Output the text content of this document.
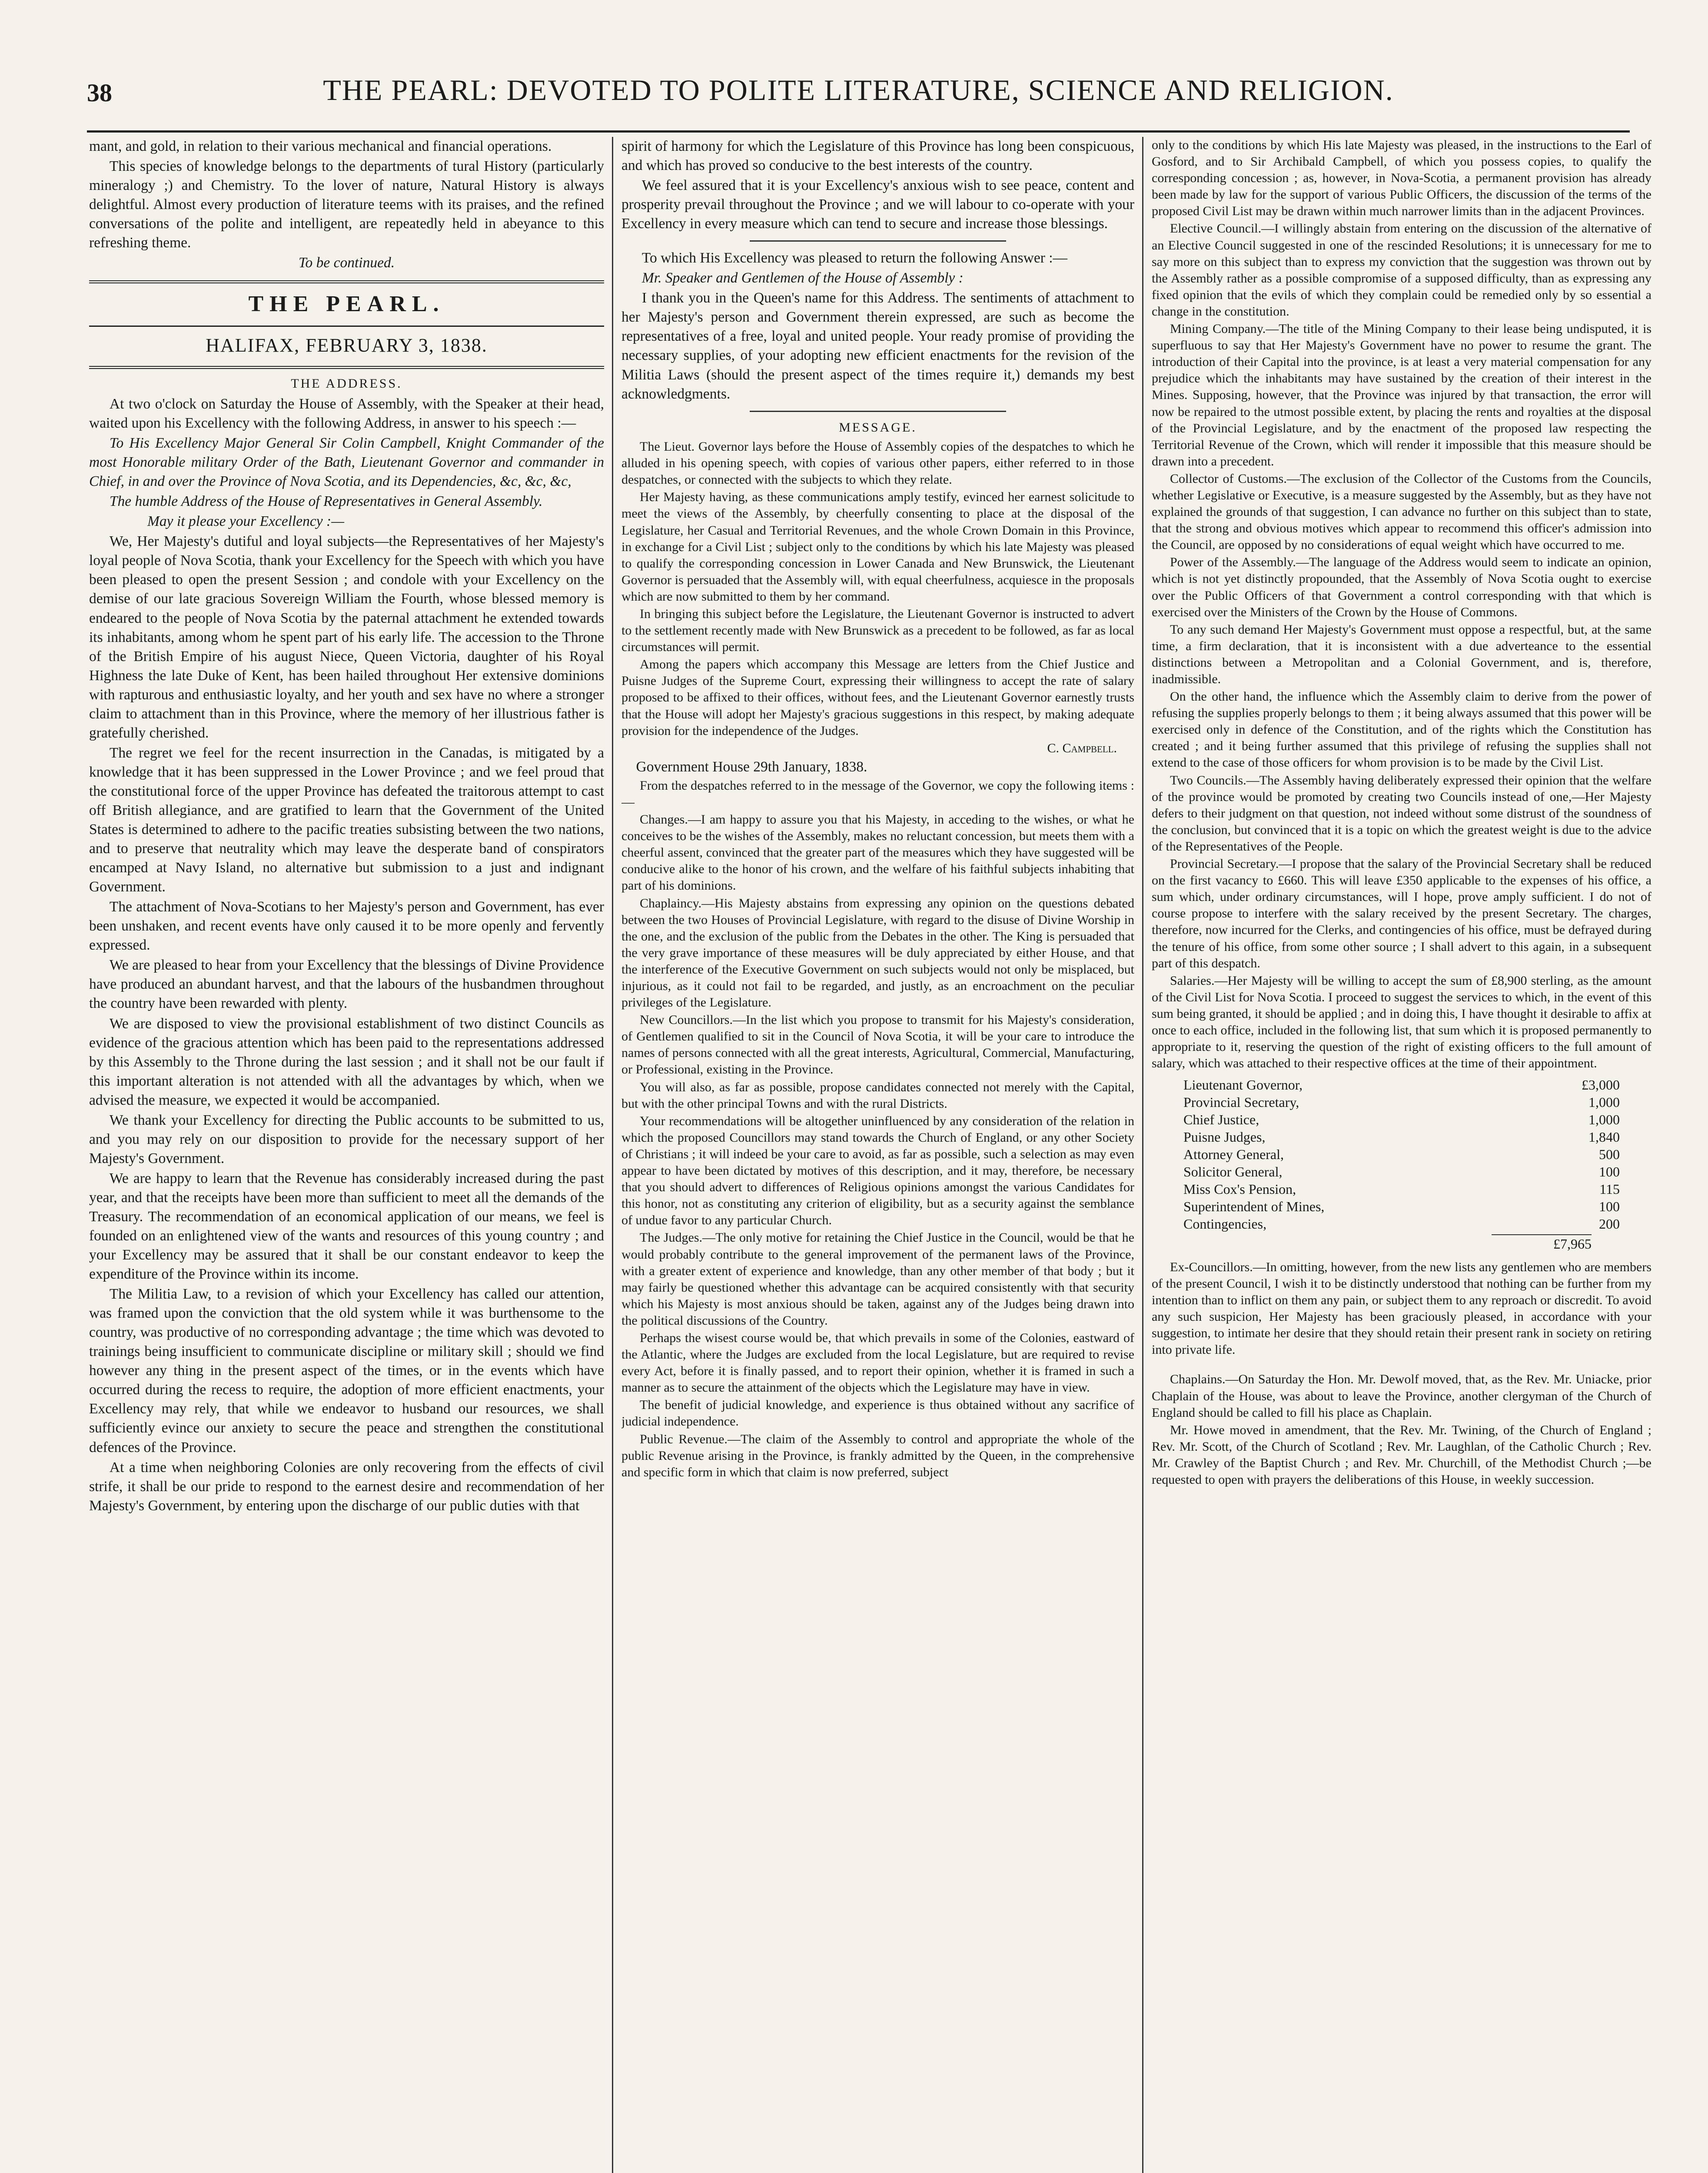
38	THE PEARL: DEVOTED TO POLITE LITERATURE, SCIENCE AND RELIGION.

mant, and gold, in relation to their various mechanical and financial operations.

This species of knowledge belongs to the departments of tural History (particularly mineralogy ;) and Chemistry. To the lover of nature, Natural History is always delightful. Almost every production of literature teems with its praises, and the refined conversations of the polite and intelligent, are repeatedly held in abeyance to this refreshing theme.

To be continued.

THE PEARL.
HALIFAX, FEBRUARY 3, 1838.
THE ADDRESS.

At two o'clock on Saturday the House of Assembly, with the Speaker at their head, waited upon his Excellency with the following Address, in answer to his speech :—

To His Excellency Major General Sir Colin Campbell, Knight Commander of the most Honorable military Order of the Bath, Lieutenant Governor and commander in Chief, in and over the Province of Nova Scotia, and its Dependencies, &c, &c, &c,

The humble Address of the House of Representatives in General Assembly.

May it please your Excellency :—

We, Her Majesty's dutiful and loyal subjects—the Representatives of her Majesty's loyal people of Nova Scotia, thank your Excellency for the Speech with which you have been pleased to open the present Session ; and condole with your Excellency on the demise of our late gracious Sovereign William the Fourth, whose blessed memory is endeared to the people of Nova Scotia by the paternal attachment he extended towards its inhabitants, among whom he spent part of his early life. The accession to the Throne of the British Empire of his august Niece, Queen Victoria, daughter of his Royal Highness the late Duke of Kent, has been hailed throughout Her extensive dominions with rapturous and enthusiastic loyalty, and her youth and sex have no where a stronger claim to attachment than in this Province, where the memory of her illustrious father is gratefully cherished.

The regret we feel for the recent insurrection in the Canadas, is mitigated by a knowledge that it has been suppressed in the Lower Province ; and we feel proud that the constitutional force of the upper Province has defeated the traitorous attempt to cast off British allegiance, and are gratified to learn that the Government of the United States is determined to adhere to the pacific treaties subsisting between the two nations, and to preserve that neutrality which may leave the desperate band of conspirators encamped at Navy Island, no alternative but submission to a just and indignant Government.

The attachment of Nova-Scotians to her Majesty's person and Government, has ever been unshaken, and recent events have only caused it to be more openly and fervently expressed.

We are pleased to hear from your Excellency that the blessings of Divine Providence have produced an abundant harvest, and that the labours of the husbandmen throughout the country have been rewarded with plenty.

We are disposed to view the provisional establishment of two distinct Councils as evidence of the gracious attention which has been paid to the representations addressed by this Assembly to the Throne during the last session ; and it shall not be our fault if this important alteration is not attended with all the advantages by which, when we advised the measure, we expected it would be accompanied.

We thank your Excellency for directing the Public accounts to be submitted to us, and you may rely on our disposition to provide for the necessary support of her Majesty's Government.

We are happy to learn that the Revenue has considerably increased during the past year, and that the receipts have been more than sufficient to meet all the demands of the Treasury. The recommendation of an economical application of our means, we feel is founded on an enlightened view of the wants and resources of this young country ; and your Excellency may be assured that it shall be our constant endeavor to keep the expenditure of the Province within its income.

The Militia Law, to a revision of which your Excellency has called our attention, was framed upon the conviction that the old system while it was burthensome to the country, was productive of no corresponding advantage ; the time which was devoted to trainings being insufficient to communicate discipline or military skill ; should we find however any thing in the present aspect of the times, or in the events which have occurred during the recess to require, the adoption of more efficient enactments, your Excellency may rely, that while we endeavor to husband our resources, we shall sufficiently evince our anxiety to secure the peace and strengthen the constitutional defences of the Province.

At a time when neighboring Colonies are only recovering from the effects of civil strife, it shall be our pride to respond to the earnest desire and recommendation of her Majesty's Government, by entering upon the discharge of our public duties with that

spirit of harmony for which the Legislature of this Province has long been conspicuous, and which has proved so conducive to the best interests of the country.

We feel assured that it is your Excellency's anxious wish to see peace, content and prosperity prevail throughout the Province ; and we will labour to co-operate with your Excellency in every measure which can tend to secure and increase those blessings.

To which His Excellency was pleased to return the following Answer :—

Mr. Speaker and Gentlemen of the House of Assembly :

I thank you in the Queen's name for this Address. The sentiments of attachment to her Majesty's person and Government therein expressed, are such as become the representatives of a free, loyal and united people. Your ready promise of providing the necessary supplies, of your adopting new efficient enactments for the revision of the Militia Laws (should the present aspect of the times require it,) demands my best acknowledgments.

MESSAGE.

The Lieut. Governor lays before the House of Assembly copies of the despatches to which he alluded in his opening speech, with copies of various other papers, either referred to in those despatches, or connected with the subjects to which they relate.

Her Majesty having, as these communications amply testify, evinced her earnest solicitude to meet the views of the Assembly, by cheerfully consenting to place at the disposal of the Legislature, her Casual and Territorial Revenues, and the whole Crown Domain in this Province, in exchange for a Civil List ; subject only to the conditions by which his late Majesty was pleased to qualify the corresponding concession in Lower Canada and New Brunswick, the Lieutenant Governor is persuaded that the Assembly will, with equal cheerfulness, acquiesce in the proposals which are now submitted to them by her command.

In bringing this subject before the Legislature, the Lieutenant Governor is instructed to advert to the settlement recently made with New Brunswick as a precedent to be followed, as far as local circumstances will permit.

Among the papers which accompany this Message are letters from the Chief Justice and Puisne Judges of the Supreme Court, expressing their willingness to accept the rate of salary proposed to be affixed to their offices, without fees, and the Lieutenant Governor earnestly trusts that the House will adopt her Majesty's gracious suggestions in this respect, by making adequate provision for the independence of the Judges.

C. Campbell.

Government House 29th January, 1838.

From the despatches referred to in the message of the Governor, we copy the following items :—

Changes.—I am happy to assure you that his Majesty, in acceding to the wishes, or what he conceives to be the wishes of the Assembly, makes no reluctant concession, but meets them with a cheerful assent, convinced that the greater part of the measures which they have suggested will be conducive alike to the honor of his crown, and the welfare of his faithful subjects inhabiting that part of his dominions.

Chaplaincy.—His Majesty abstains from expressing any opinion on the questions debated between the two Houses of Provincial Legislature, with regard to the disuse of Divine Worship in the one, and the exclusion of the public from the Debates in the other. The King is persuaded that the very grave importance of these measures will be duly appreciated by either House, and that the interference of the Executive Government on such subjects would not only be misplaced, but injurious, as it could not fail to be regarded, and justly, as an encroachment on the peculiar privileges of the Legislature.

New Councillors.—In the list which you propose to transmit for his Majesty's consideration, of Gentlemen qualified to sit in the Council of Nova Scotia, it will be your care to introduce the names of persons connected with all the great interests, Agricultural, Commercial, Manufacturing, or Professional, existing in the Province.

You will also, as far as possible, propose candidates connected not merely with the Capital, but with the other principal Towns and with the rural Districts.

Your recommendations will be altogether uninfluenced by any consideration of the relation in which the proposed Councillors may stand towards the Church of England, or any other Society of Christians ; it will indeed be your care to avoid, as far as possible, such a selection as may even appear to have been dictated by motives of this description, and it may, therefore, be necessary that you should advert to differences of Religious opinions amongst the various Candidates for this honor, not as constituting any criterion of eligibility, but as a security against the semblance of undue favor to any particular Church.

The Judges.—The only motive for retaining the Chief Justice in the Council, would be that he would probably contribute to the general improvement of the permanent laws of the Province, with a greater extent of experience and knowledge, than any other member of that body ; but it may fairly be questioned whether this advantage can be acquired consistently with that security which his Majesty is most anxious should be taken, against any of the Judges being drawn into the political discussions of the Country.

Perhaps the wisest course would be, that which prevails in some of the Colonies, eastward of the Atlantic, where the Judges are excluded from the local Legislature, but are required to revise every Act, before it is finally passed, and to report their opinion, whether it is framed in such a manner as to secure the attainment of the objects which the Legislature may have in view.

The benefit of judicial knowledge, and experience is thus obtained without any sacrifice of judicial independence.

Public Revenue.—The claim of the Assembly to control and appropriate the whole of the public Revenue arising in the Province, is frankly admitted by the Queen, in the comprehensive and specific form in which that claim is now preferred, subject

only to the conditions by which His late Majesty was pleased, in the instructions to the Earl of Gosford, and to Sir Archibald Campbell, of which you possess copies, to qualify the corresponding concession ; as, however, in Nova-Scotia, a permanent provision has already been made by law for the support of various Public Officers, the discussion of the terms of the proposed Civil List may be drawn within much narrower limits than in the adjacent Provinces.

Elective Council.—I willingly abstain from entering on the discussion of the alternative of an Elective Council suggested in one of the rescinded Resolutions; it is unnecessary for me to say more on this subject than to express my conviction that the suggestion was thrown out by the Assembly rather as a possible compromise of a supposed difficulty, than as expressing any fixed opinion that the evils of which they complain could be remedied only by so essential a change in the constitution.

Mining Company.—The title of the Mining Company to their lease being undisputed, it is superfluous to say that Her Majesty's Government have no power to resume the grant. The introduction of their Capital into the province, is at least a very material compensation for any prejudice which the inhabitants may have sustained by the creation of their interest in the Mines. Supposing, however, that the Province was injured by that transaction, the error will now be repaired to the utmost possible extent, by placing the rents and royalties at the disposal of the Provincial Legislature, and by the enactment of the proposed law respecting the Territorial Revenue of the Crown, which will render it impossible that this measure should be drawn into a precedent.

Collector of Customs.—The exclusion of the Collector of the Customs from the Councils, whether Legislative or Executive, is a measure suggested by the Assembly, but as they have not explained the grounds of that suggestion, I can advance no further on this subject than to state, that the strong and obvious motives which appear to recommend this officer's admission into the Council, are opposed by no considerations of equal weight which have occurred to me.

Power of the Assembly.—The language of the Address would seem to indicate an opinion, which is not yet distinctly propounded, that the Assembly of Nova Scotia ought to exercise over the Public Officers of that Government a control corresponding with that which is exercised over the Ministers of the Crown by the House of Commons.

To any such demand Her Majesty's Government must oppose a respectful, but, at the same time, a firm declaration, that it is inconsistent with a due adverteance to the essential distinctions between a Metropolitan and a Colonial Government, and is, therefore, inadmissible.

On the other hand, the influence which the Assembly claim to derive from the power of refusing the supplies properly belongs to them ; it being always assumed that this power will be exercised only in defence of the Constitution, and of the rights which the Constitution has created ; and it being further assumed that this privilege of refusing the supplies shall not extend to the case of those officers for whom provision is to be made by the Civil List.

Two Councils.—The Assembly having deliberately expressed their opinion that the welfare of the province would be promoted by creating two Councils instead of one,—Her Majesty defers to their judgment on that question, not indeed without some distrust of the soundness of the conclusion, but convinced that it is a topic on which the greatest weight is due to the advice of the Representatives of the People.

Provincial Secretary.—I propose that the salary of the Provincial Secretary shall be reduced on the first vacancy to £660. This will leave £350 applicable to the expenses of his office, a sum which, under ordinary circumstances, will I hope, prove amply sufficient. I do not of course propose to interfere with the salary received by the present Secretary. The charges, therefore, now incurred for the Clerks, and contingencies of his office, must be defrayed during the tenure of his office, from some other source ; I shall advert to this again, in a subsequent part of this despatch.

Salaries.—Her Majesty will be willing to accept the sum of £8,900 sterling, as the amount of the Civil List for Nova Scotia. I proceed to suggest the services to which, in the event of this sum being granted, it should be applied ; and in doing this, I have thought it desirable to affix at once to each office, included in the following list, that sum which it is proposed permanently to appropriate to it, reserving the question of the right of existing officers to the full amount of salary, which was attached to their respective offices at the time of their appointment.

Lieutenant Governor,	£3,000
Provincial Secretary,	1,000
Chief Justice,	1,000
Puisne Judges,	1,840
Attorney General,	500
Solicitor General,	100
Miss Cox's Pension,	115
Superintendent of Mines,	100
Contingencies,	200
£7,965

Ex-Councillors.—In omitting, however, from the new lists any gentlemen who are members of the present Council, I wish it to be distinctly understood that nothing can be further from my intention than to inflict on them any pain, or subject them to any reproach or discredit. To avoid any such suspicion, Her Majesty has been graciously pleased, in accordance with your suggestion, to intimate her desire that they should retain their present rank in society on retiring into private life.

Chaplains.—On Saturday the Hon. Mr. Dewolf moved, that, as the Rev. Mr. Uniacke, prior Chaplain of the House, was about to leave the Province, another clergyman of the Church of England should be called to fill his place as Chaplain.

Mr. Howe moved in amendment, that the Rev. Mr. Twining, of the Church of England ; Rev. Mr. Scott, of the Church of Scotland ; Rev. Mr. Laughlan, of the Catholic Church ; Rev. Mr. Crawley of the Baptist Church ; and Rev. Mr. Churchill, of the Methodist Church ;—be requested to open with prayers the deliberations of this House, in weekly succession.
